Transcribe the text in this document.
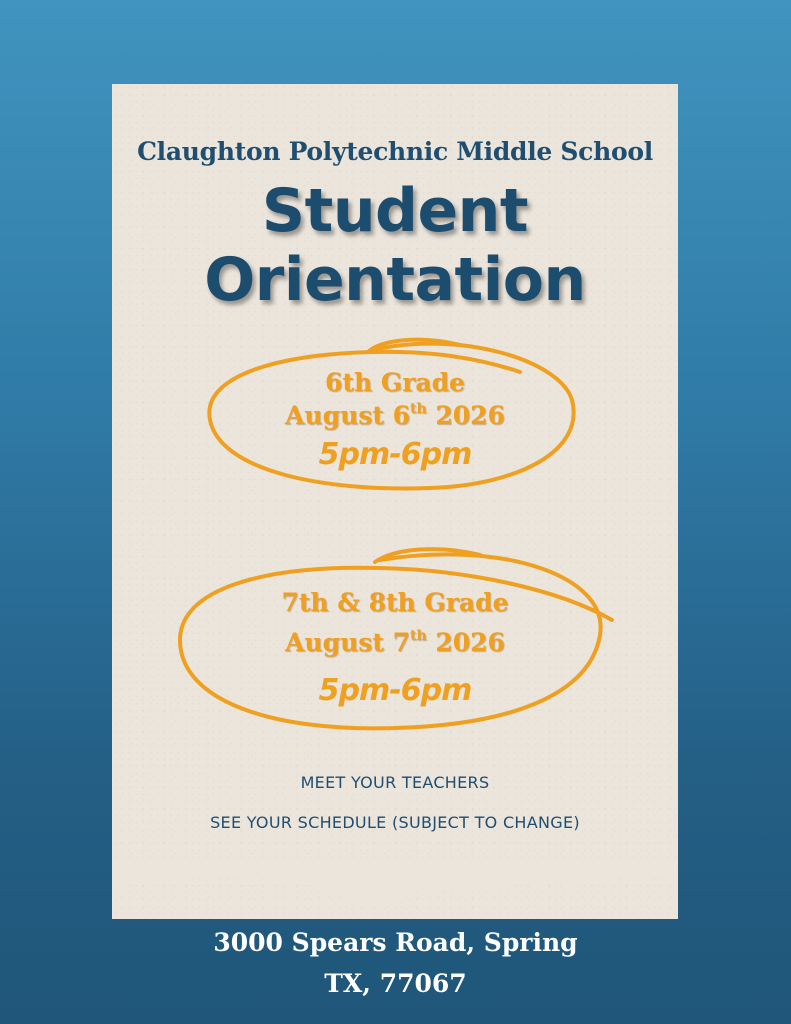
Claughton Polytechnic Middle School
Student
Orientation
6th Grade
August 6th 2026
5pm-6pm
7th & 8th Grade
August 7th 2026
5pm-6pm
MEET YOUR TEACHERS
SEE YOUR SCHEDULE (SUBJECT TO CHANGE)
3000 Spears Road, Spring
TX, 77067
